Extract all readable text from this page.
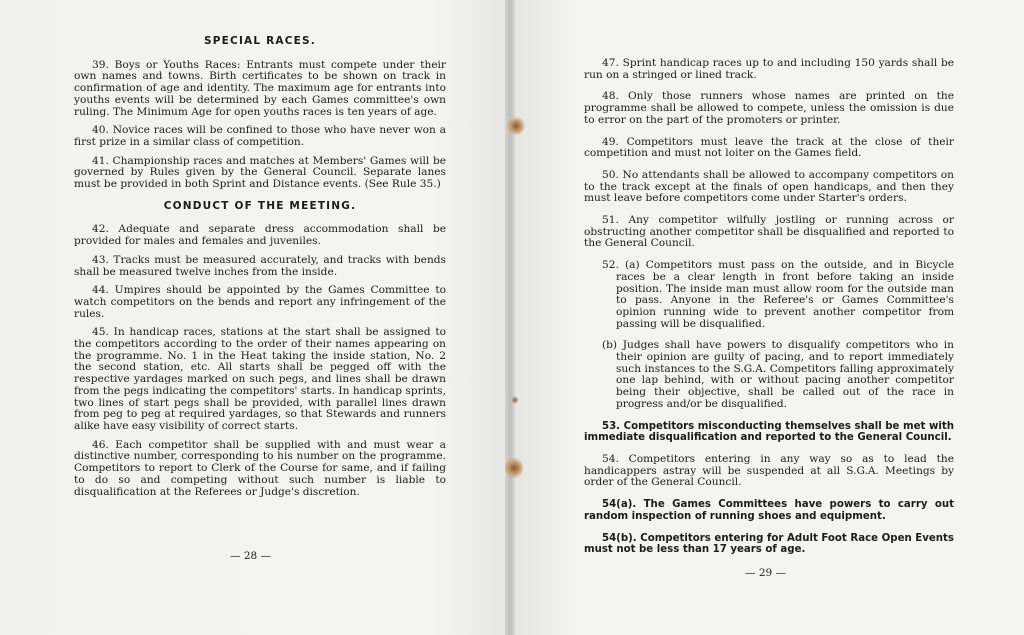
SPECIAL RACES.

39. Boys or Youths Races: Entrants must compete under their own names and towns. Birth certificates to be shown on track in confirmation of age and identity. The maximum age for entrants into youths events will be determined by each Games committee's own ruling. The Minimum Age for open youths races is ten years of age.

40. Novice races will be confined to those who have never won a first prize in a similar class of competition.

41. Championship races and matches at Members' Games will be governed by Rules given by the General Council. Separate lanes must be provided in both Sprint and Distance events. (See Rule 35.)

CONDUCT OF THE MEETING.

42. Adequate and separate dress accommodation shall be provided for males and females and juveniles.

43. Tracks must be measured accurately, and tracks with bends shall be measured twelve inches from the inside.

44. Umpires should be appointed by the Games Committee to watch competitors on the bends and report any infringement of the rules.

45. In handicap races, stations at the start shall be assigned to the competitors according to the order of their names appearing on the programme. No. 1 in the Heat taking the inside station, No. 2 the second station, etc. All starts shall be pegged off with the respective yardages marked on such pegs, and lines shall be drawn from the pegs indicating the competitors' starts. In handicap sprints, two lines of start pegs shall be provided, with parallel lines drawn from peg to peg at required yardages, so that Stewards and runners alike have easy visibility of correct starts.

46. Each competitor shall be supplied with and must wear a distinctive number, corresponding to his number on the programme. Competitors to report to Clerk of the Course for same, and if failing to do so and competing without such number is liable to disqualification at the Referees or Judge's discretion.

— 28 —

47. Sprint handicap races up to and including 150 yards shall be run on a stringed or lined track.

48. Only those runners whose names are printed on the programme shall be allowed to compete, unless the omission is due to error on the part of the promoters or printer.

49. Competitors must leave the track at the close of their competition and must not loiter on the Games field.

50. No attendants shall be allowed to accompany competitors on to the track except at the finals of open handicaps, and then they must leave before competitors come under Starter's orders.

51. Any competitor wilfully jostling or running across or obstructing another competitor shall be disqualified and reported to the General Council.

52. (a) Competitors must pass on the outside, and in Bicycle races be a clear length in front before taking an inside position. The inside man must allow room for the outside man to pass. Anyone in the Referee's or Games Committee's opinion running wide to prevent another competitor from passing will be disqualified.

(b) Judges shall have powers to disqualify competitors who in their opinion are guilty of pacing, and to report immediately such instances to the S.G.A. Competitors falling approximately one lap behind, with or without pacing another competitor being their objective, shall be called out of the race in progress and/or be disqualified.

53. Competitors misconducting themselves shall be met with immediate disqualification and reported to the General Council.

54. Competitors entering in any way so as to lead the handicappers astray will be suspended at all S.G.A. Meetings by order of the General Council.

54(a). The Games Committees have powers to carry out random inspection of running shoes and equipment.

54(b). Competitors entering for Adult Foot Race Open Events must not be less than 17 years of age.

— 29 —
